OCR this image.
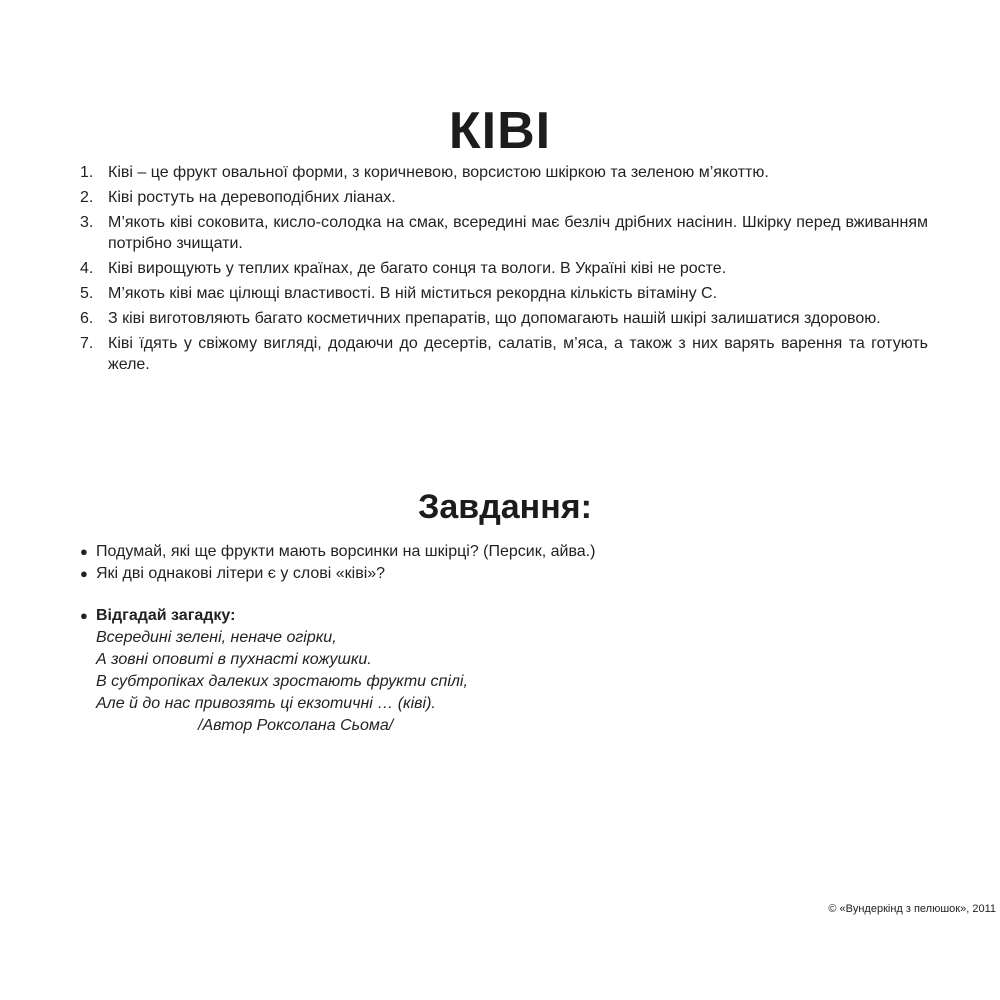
КІВІ
1. Ківі – це фрукт овальної форми, з коричневою, ворсистою шкіркою та зеленою м’якоттю.
2. Ківі ростуть на деревоподібних ліанах.
3. М’якоть ківі соковита, кисло-солодка на смак, всередині має безліч дрібних насінин. Шкірку перед вживанням потрібно зчищати.
4. Ківі вирощують у теплих країнах, де багато сонця та вологи. В Україні ківі не росте.
5. М’якоть ківі має цілющі властивості. В ній міститься рекордна кількість вітаміну С.
6. З ківі виготовляють багато косметичних препаратів, що допомагають нашій шкірі залишатися здоровою.
7. Ківі їдять у свіжому вигляді, додаючи до десертів, салатів, м’яса, а також з них варять варення та готують желе.
Завдання:
● Подумай, які ще фрукти мають ворсинки на шкірці? (Персик, айва.)
● Які дві однакові літери є у слові «ківі»?
● Відгадай загадку:
Всередині зелені, неначе огірки,
А зовні оповиті в пухнасті кожушки.
В субтропіках далеких зростають фрукти спілі,
Але й до нас привозять ці екзотичні … (ківі).
/Автор Роксолана Сьома/
© «Вундеркінд з пелюшок», 2011
